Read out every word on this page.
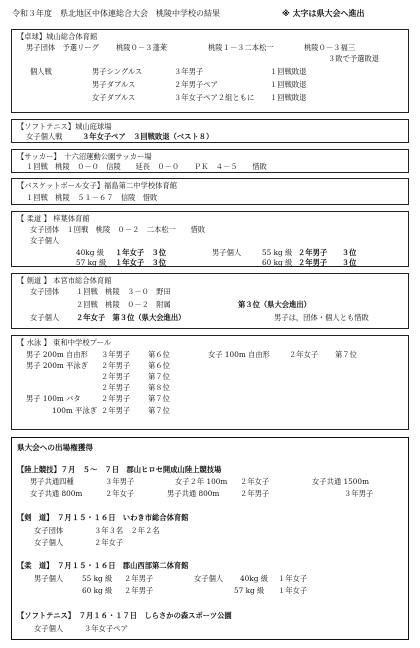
令和３年度　県北地区中体連総合大会　桃陵中学校の結果	※ 太字は県大会へ進出
【卓球】城山総合体育館
男子団体　予選リーグ 桃陵０－３蓬莱	桃陵１－３二本松一	桃陵０－３福三
３敗で予選敗退
個人戦	男子シングルス	３年男子	１回戦敗退
男子ダブルス	２年男子ペア	１回戦敗退
女子ダブルス	３年女子ペア２組ともに １回戦敗退
【ソフトテニス】城山庭球場
女子個人戦	３年女子ペア　３回戦敗退（ベスト８）
【サッカー】　十六沼運動公園サッカー場
１回戦　桃陵　０－０　信陵　　延長　０－０　　ＰＫ　４－５　　惜敗
【バスケットボール女子】福島第二中学校体育館
１回戦　桃陵　５１－６７　信陵　惜敗
【 柔道 】 梓葉体育館
女子団体　１回戦　桃陵　０－２　二本松一　　惜敗
女子個人
40kg 級 １年女子　３位
57 kg 級 １年女子　３位
男子個人	55 kg 級 ２年男子　　３位
60 kg 級 ２年男子　　３位
【 剣道 】 本宮市総合体育館
女子団体 １回戦　桃陵　３－０　野田
２回戦　桃陵　０－２　附属	第３位（県大会進出）
女子個人 ２年女子　第３位（県大会進出）	男子は，団体・個人とも惜敗
【 水泳 】 東和中学校プール
男子 200m 自由形 ３年男子 第６位
男子 200m 平泳ぎ ２年男子 第６位
２年男子 第７位
２年男子 第８位
男子 100m バタ	２年男子 第７位
100m 平泳ぎ ２年男子 第７位
女子 100m 自由形	２年女子 第７位
県大会への出場権獲得
【陸上競技】７月　５～　７日　郡山ヒロセ開成山陸上競技場
男子共通四種	３年男子	女子２年 100m ２年女子	女子共通 1500m
女子共通 800m	２年女子	男子共通 800m	２年男子	３年男子
【剣　道】　７月１５・１６日　いわき市総合体育館
女子団体	３年３名　２年２名
女子個人	２年女子
【柔　道】　７月１５・１６日　郡山西部第二体育館
男子個人	55 kg 級 ２年男子	女子個人 40kg 級 １年女子
60 kg 級 ２年男子	57 kg 級 １年女子
【ソフトテニス】　７月１６・１７日　しらさかの森スポーツ公園
女子個人	３年女子ペア
